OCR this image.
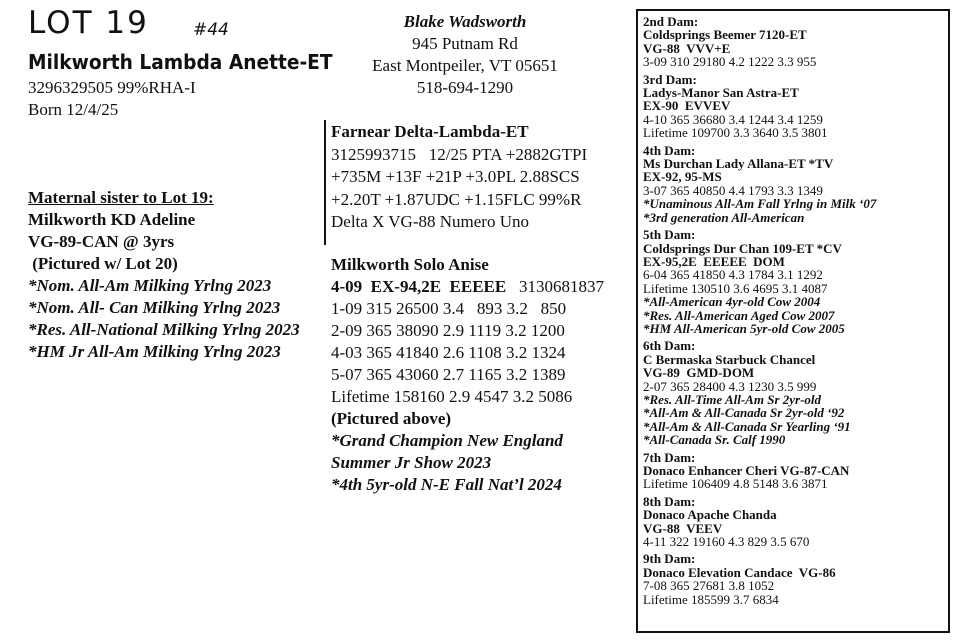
LOT 19	#44
Milkworth Lambda Anette-ET
3296329505 99%RHA-I
Born 12/4/25
Blake Wadsworth
945 Putnam Rd
East Montpeiler, VT 05651
518-694-1290
Maternal sister to Lot 19:
Milkworth KD Adeline
VG-89-CAN @ 3yrs
(Pictured w/ Lot 20)
*Nom. All-Am Milking Yrlng 2023
*Nom. All- Can Milking Yrlng 2023
*Res. All-National Milking Yrlng 2023
*HM Jr All-Am Milking Yrlng 2023
Farnear Delta-Lambda-ET
3125993715   12/25 PTA +2882GTPI
+735M +13F +21P +3.0PL 2.88SCS
+2.20T +1.87UDC +1.15FLC 99%R
Delta X VG-88 Numero Uno
Milkworth Solo Anise
4-09  EX-94,2E  EEEEE 3130681837
1-09 315 26500 3.4   893 3.2   850
2-09 365 38090 2.9 1119 3.2 1200
4-03 365 41840 2.6 1108 3.2 1324
5-07 365 43060 2.7 1165 3.2 1389
Lifetime 158160 2.9 4547 3.2 5086
(Pictured above)
*Grand Champion New England
Summer Jr Show 2023
*4th 5yr-old N-E Fall Nat’l 2024
2nd Dam:
Coldsprings Beemer 7120-ET
VG-88  VVV+E
3-09 310 29180 4.2 1222 3.3 955
3rd Dam:
Ladys-Manor San Astra-ET
EX-90  EVVEV
4-10 365 36680 3.4 1244 3.4 1259
Lifetime 109700 3.3 3640 3.5 3801
4th Dam:
Ms Durchan Lady Allana-ET *TV
EX-92, 95-MS
3-07 365 40850 4.4 1793 3.3 1349
*Unaminous All-Am Fall Yrlng in Milk ‘07
*3rd generation All-American
5th Dam:
Coldsprings Dur Chan 109-ET *CV
EX-95,2E  EEEEE  DOM
6-04 365 41850 4.3 1784 3.1 1292
Lifetime 130510 3.6 4695 3.1 4087
*All-American 4yr-old Cow 2004
*Res. All-American Aged Cow 2007
*HM All-American 5yr-old Cow 2005
6th Dam:
C Bermaska Starbuck Chancel
VG-89  GMD-DOM
2-07 365 28400 4.3 1230 3.5 999
*Res. All-Time All-Am Sr 2yr-old
*All-Am & All-Canada Sr 2yr-old ‘92
*All-Am & All-Canada Sr Yearling ‘91
*All-Canada Sr. Calf 1990
7th Dam:
Donaco Enhancer Cheri VG-87-CAN
Lifetime 106409 4.8 5148 3.6 3871
8th Dam:
Donaco Apache Chanda
VG-88  VEEV
4-11 322 19160 4.3 829 3.5 670
9th Dam:
Donaco Elevation Candace  VG-86
7-08 365 27681 3.8 1052
Lifetime 185599 3.7 6834
